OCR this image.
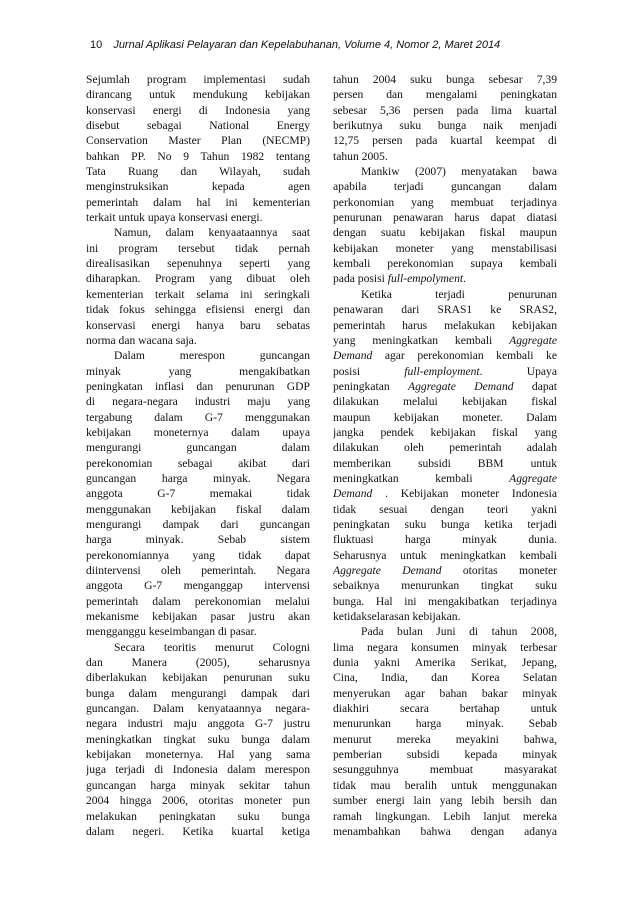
10 Jurnal Aplikasi Pelayaran dan Kepelabuhanan, Volume 4, Nomor 2, Maret 2014
Sejumlah program implementasi sudah
dirancang untuk mendukung kebijakan
konservasi energi di Indonesia yang
disebut sebagai National Energy
Conservation Master Plan (NECMP)
bahkan PP. No 9 Tahun 1982 tentang
Tata Ruang dan Wilayah, sudah
menginstruksikan kepada agen
pemerintah dalam hal ini kementerian
terkait untuk upaya konservasi energi.
Namun, dalam kenyaataannya saat
ini program tersebut tidak pernah
direalisasikan sepenuhnya seperti yang
diharapkan. Program yang dibuat oleh
kementerian terkait selama ini seringkali
tidak fokus sehingga efisiensi energi dan
konservasi energi hanya baru sebatas
norma dan wacana saja.
Dalam merespon guncangan
minyak yang mengakibatkan
peningkatan inflasi dan penurunan GDP
di negara-negara industri maju yang
tergabung dalam G-7 menggunakan
kebijakan moneternya dalam upaya
mengurangi guncangan dalam
perekonomian sebagai akibat dari
guncangan harga minyak. Negara
anggota G-7 memakai tidak
menggunakan kebijakan fiskal dalam
mengurangi dampak dari guncangan
harga minyak. Sebab sistem
perekonomiannya yang tidak dapat
diintervensi oleh pemerintah. Negara
anggota G-7 menganggap intervensi
pemerintah dalam perekonomian melalui
mekanisme kebijakan pasar justru akan
mengganggu keseimbangan di pasar.
Secara teoritis menurut Cologni
dan Manera (2005), seharusnya
diberlakukan kebijakan penurunan suku
bunga dalam mengurangi dampak dari
guncangan. Dalam kenyataannya negara-
negara industri maju anggota G-7 justru
meningkatkan tingkat suku bunga dalam
kebijakan moneternya. Hal yang sama
juga terjadi di Indonesia dalam merespon
guncangan harga minyak sekitar tahun
2004 hingga 2006, otoritas moneter pun
melakukan peningkatan suku bunga
dalam negeri. Ketika kuartal ketiga
tahun 2004 suku bunga sebesar 7,39
persen dan mengalami peningkatan
sebesar 5,36 persen pada lima kuartal
berikutnya suku bunga naik menjadi
12,75 persen pada kuartal keempat di
tahun 2005.
Mankiw (2007) menyatakan bawa
apabila terjadi guncangan dalam
perkonomian yang membuat terjadinya
penurunan penawaran harus dapat diatasi
dengan suatu kebijakan fiskal maupun
kebijakan moneter yang menstabilisasi
kembali perekonomian supaya kembali
pada posisi full-empolyment.
Ketika terjadi penurunan
penawaran dari SRAS1 ke SRAS2,
pemerintah harus melakukan kebijakan
yang meningkatkan kembali Aggregate
Demand agar perekonomian kembali ke
posisi full-employment. Upaya
peningkatan Aggregate Demand dapat
dilakukan melalui kebijakan fiskal
maupun kebijakan moneter. Dalam
jangka pendek kebijakan fiskal yang
dilakukan oleh pemerintah adalah
memberikan subsidi BBM untuk
meningkatkan kembali Aggregate
Demand . Kebijakan moneter Indonesia
tidak sesuai dengan teori yakni
peningkatan suku bunga ketika terjadi
fluktuasi harga minyak dunia.
Seharusnya untuk meningkatkan kembali
Aggregate Demand otoritas moneter
sebaiknya menurunkan tingkat suku
bunga. Hal ini mengakibatkan terjadinya
ketidakselarasan kebijakan.
Pada bulan Juni di tahun 2008,
lima negara konsumen minyak terbesar
dunia yakni Amerika Serikat, Jepang,
Cina, India, dan Korea Selatan
menyerukan agar bahan bakar minyak
diakhiri secara bertahap untuk
menurunkan harga minyak. Sebab
menurut mereka meyakini bahwa,
pemberian subsidi kepada minyak
sesungguhnya membuat masyarakat
tidak mau beralih untuk menggunakan
sumber energi lain yang lebih bersih dan
ramah lingkungan. Lebih lanjut mereka
menambahkan bahwa dengan adanya
